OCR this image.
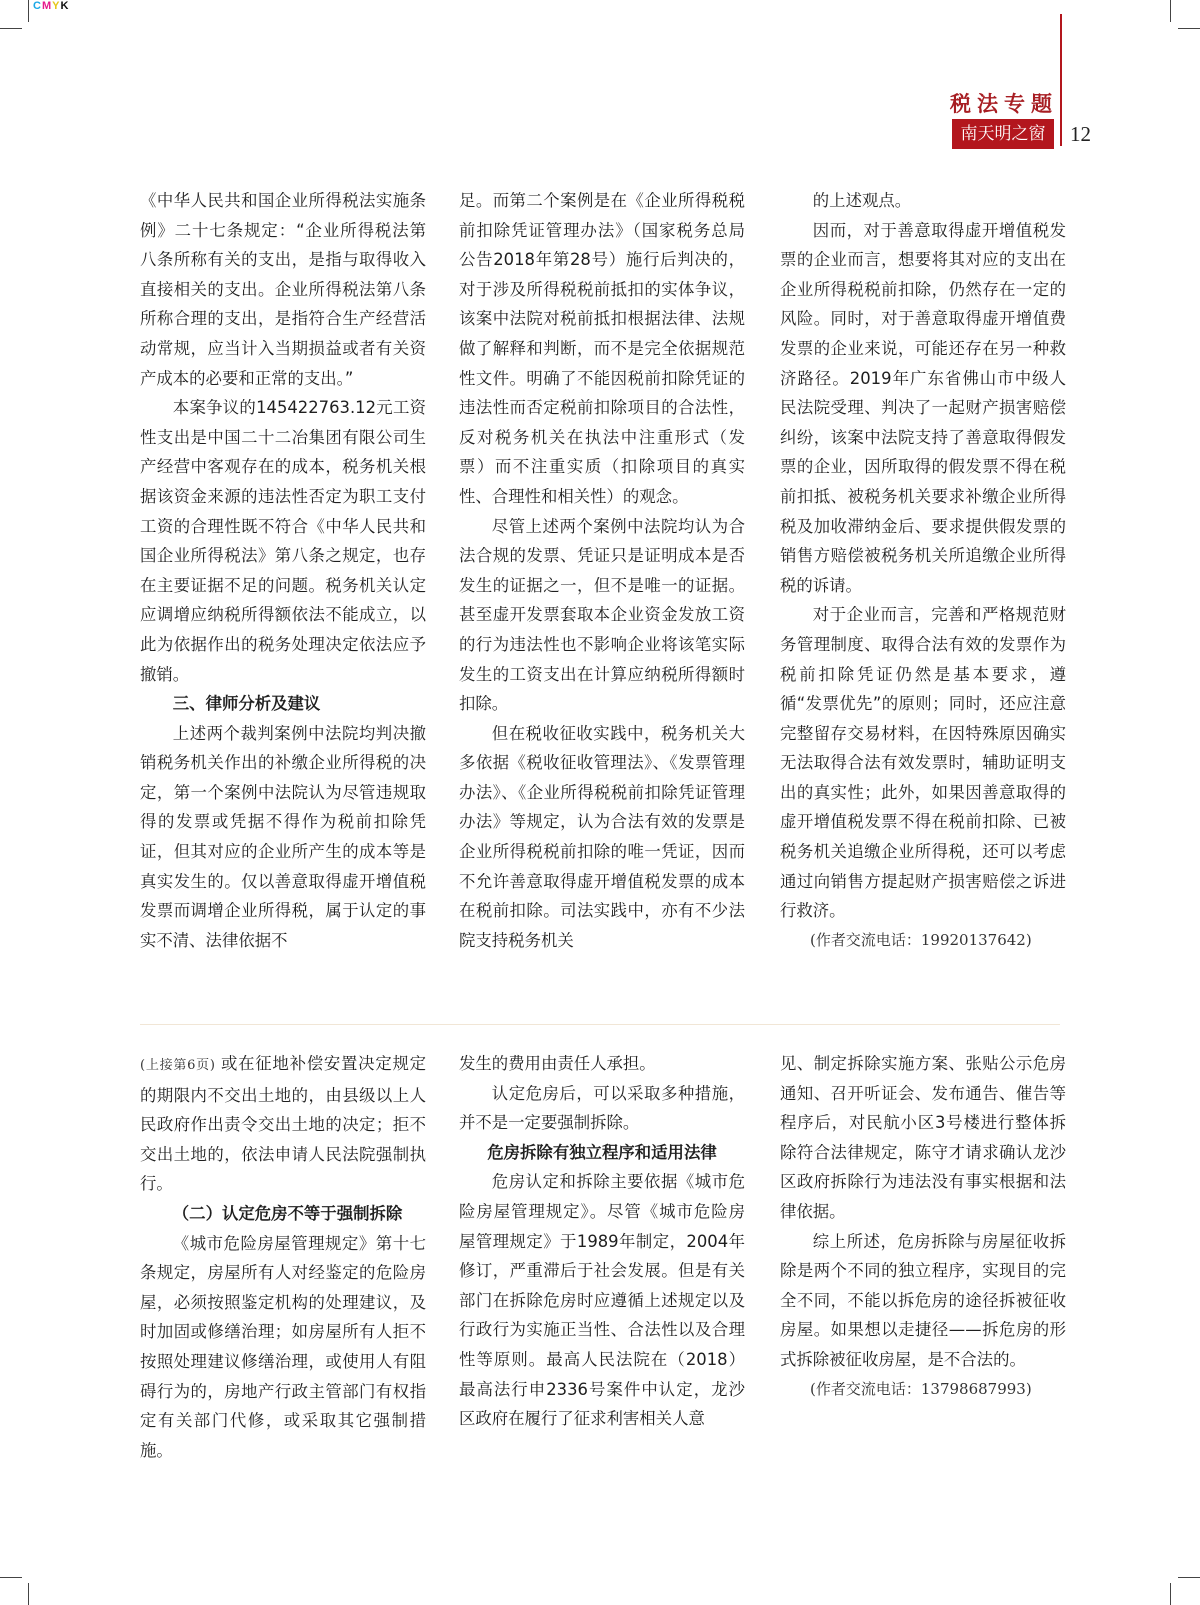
CMYK
税法专题
南天明之窗	12

《中华人民共和国企业所得税法实施条例》二十七条规定：“企业所得税法第八条所称有关的支出，是指与取得收入直接相关的支出。企业所得税法第八条所称合理的支出，是指符合生产经营活动常规，应当计入当期损益或者有关资产成本的必要和正常的支出。”

本案争议的145422763.12元工资性支出是中国二十二冶集团有限公司生产经营中客观存在的成本，税务机关根据该资金来源的违法性否定为职工支付工资的合理性既不符合《中华人民共和国企业所得税法》第八条之规定，也存在主要证据不足的问题。税务机关认定应调增应纳税所得额依法不能成立，以此为依据作出的税务处理决定依法应予撤销。

三、律师分析及建议

上述两个裁判案例中法院均判决撤销税务机关作出的补缴企业所得税的决定，第一个案例中法院认为尽管违规取得的发票或凭据不得作为税前扣除凭证，但其对应的企业所产生的成本等是真实发生的。仅以善意取得虚开增值税发票而调增企业所得税，属于认定的事实不清、法律依据不

足。而第二个案例是在《企业所得税税前扣除凭证管理办法》（国家税务总局公告2018年第28号）施行后判决的，对于涉及所得税税前抵扣的实体争议，该案中法院对税前抵扣根据法律、法规做了解释和判断，而不是完全依据规范性文件。明确了不能因税前扣除凭证的违法性而否定税前扣除项目的合法性，反对税务机关在执法中注重形式（发票）而不注重实质（扣除项目的真实性、合理性和相关性）的观念。

尽管上述两个案例中法院均认为合法合规的发票、凭证只是证明成本是否发生的证据之一，但不是唯一的证据。甚至虚开发票套取本企业资金发放工资的行为违法性也不影响企业将该笔实际发生的工资支出在计算应纳税所得额时扣除。

但在税收征收实践中，税务机关大多依据《税收征收管理法》、《发票管理办法》、《企业所得税税前扣除凭证管理办法》等规定，认为合法有效的发票是企业所得税税前扣除的唯一凭证，因而不允许善意取得虚开增值税发票的成本在税前扣除。司法实践中，亦有不少法院支持税务机关

的上述观点。

因而，对于善意取得虚开增值税发票的企业而言，想要将其对应的支出在企业所得税税前扣除，仍然存在一定的风险。同时，对于善意取得虚开增值费发票的企业来说，可能还存在另一种救济路径。2019年广东省佛山市中级人民法院受理、判决了一起财产损害赔偿纠纷，该案中法院支持了善意取得假发票的企业，因所取得的假发票不得在税前扣抵、被税务机关要求补缴企业所得税及加收滞纳金后、要求提供假发票的销售方赔偿被税务机关所追缴企业所得税的诉请。

对于企业而言，完善和严格规范财务管理制度、取得合法有效的发票作为税前扣除凭证仍然是基本要求，遵循“发票优先”的原则；同时，还应注意完整留存交易材料，在因特殊原因确实无法取得合法有效发票时，辅助证明支出的真实性；此外，如果因善意取得的虚开增值税发票不得在税前扣除、已被税务机关追缴企业所得税，还可以考虑通过向销售方提起财产损害赔偿之诉进行救济。

(作者交流电话：19920137642)

(上接第6页) 或在征地补偿安置决定规定的期限内不交出土地的，由县级以上人民政府作出责令交出土地的决定；拒不交出土地的，依法申请人民法院强制执行。

（二）认定危房不等于强制拆除

《城市危险房屋管理规定》第十七条规定，房屋所有人对经鉴定的危险房屋，必须按照鉴定机构的处理建议，及时加固或修缮治理；如房屋所有人拒不按照处理建议修缮治理，或使用人有阻碍行为的，房地产行政主管部门有权指定有关部门代修，或采取其它强制措施。

发生的费用由责任人承担。

认定危房后，可以采取多种措施，并不是一定要强制拆除。

危房拆除有独立程序和适用法律

危房认定和拆除主要依据《城市危险房屋管理规定》。尽管《城市危险房屋管理规定》于1989年制定，2004年修订，严重滞后于社会发展。但是有关部门在拆除危房时应遵循上述规定以及行政行为实施正当性、合法性以及合理性等原则。最高人民法院在（2018）最高法行申2336号案件中认定，龙沙区政府在履行了征求利害相关人意

见、制定拆除实施方案、张贴公示危房通知、召开听证会、发布通告、催告等程序后，对民航小区3号楼进行整体拆除符合法律规定，陈守才请求确认龙沙区政府拆除行为违法没有事实根据和法律依据。

综上所述，危房拆除与房屋征收拆除是两个不同的独立程序，实现目的完全不同，不能以拆危房的途径拆被征收房屋。如果想以走捷径——拆危房的形式拆除被征收房屋，是不合法的。

(作者交流电话：13798687993)
